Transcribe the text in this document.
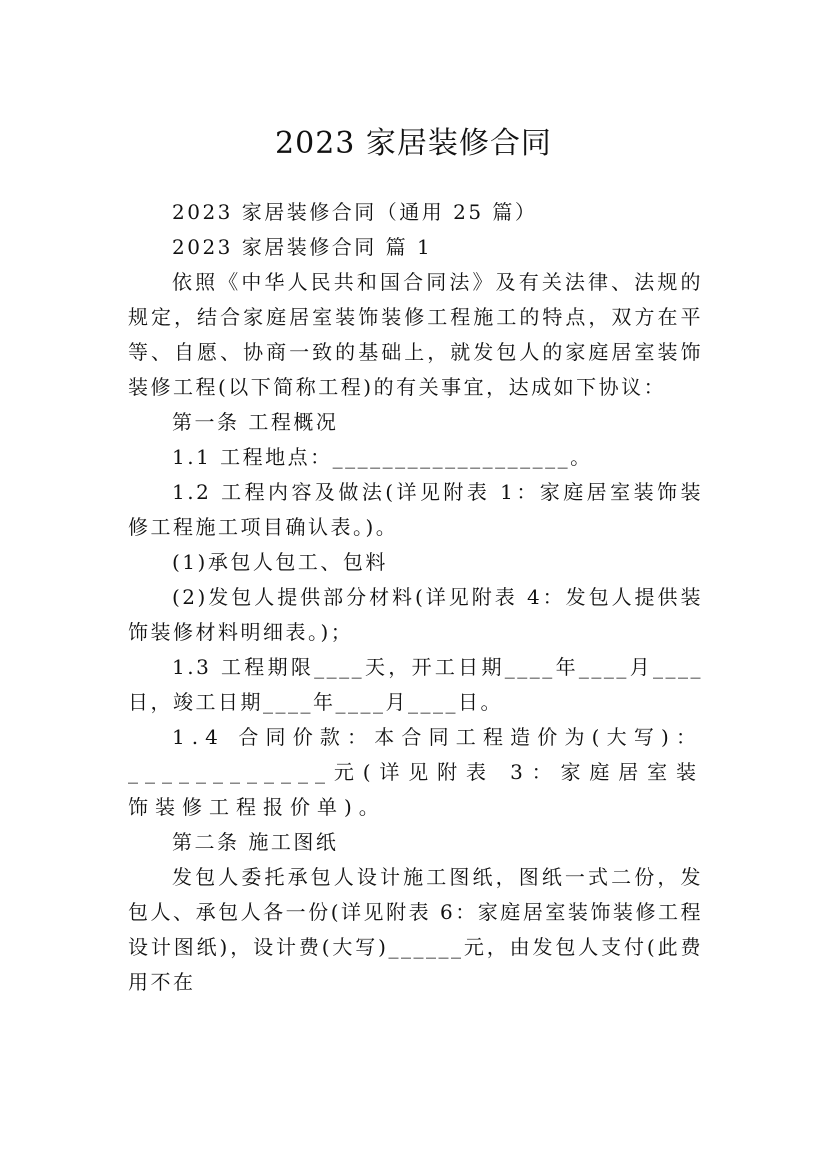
2023 家居装修合同

2023 家居装修合同（通用 25 篇）

2023 家居装修合同 篇 1

依照《中华人民共和国合同法》及有关法律、法规的规定，结合家庭居室装饰装修工程施工的特点，双方在平等、自愿、协商一致的基础上，就发包人的家庭居室装饰装修工程(以下简称工程)的有关事宜，达成如下协议：

第一条 工程概况

1.1 工程地点：___________________。

1.2 工程内容及做法(详见附表 1：家庭居室装饰装修工程施工项目确认表。)。

(1)承包人包工、包料

(2)发包人提供部分材料(详见附表 4：发包人提供装饰装修材料明细表。)；

1.3 工程期限____天，开工日期____年____月____日，竣工日期____年____月____日。

1.4 合同价款：本合同工程造价为(大写)：____________元(详见附表 3：家庭居室装饰装修工程报价单)。

第二条 施工图纸

发包人委托承包人设计施工图纸，图纸一式二份，发包人、承包人各一份(详见附表 6：家庭居室装饰装修工程设计图纸)，设计费(大写)______元，由发包人支付(此费用不在
